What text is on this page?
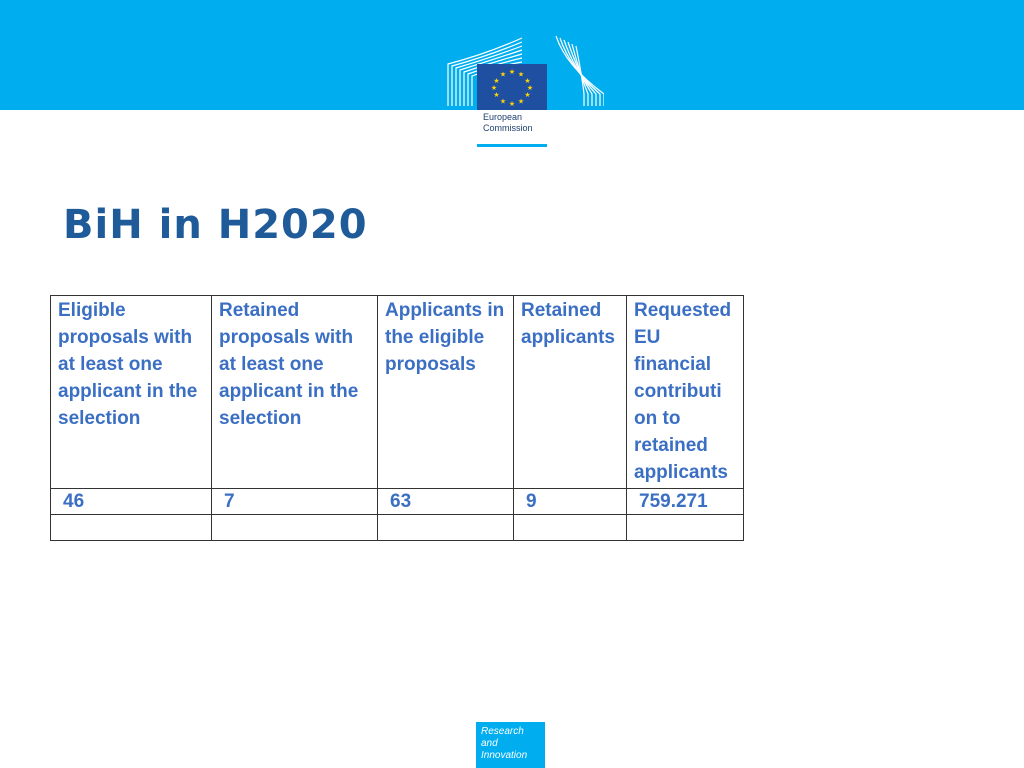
★ ★
★
★
★
★
★
★
★
★
★
★
European
Commission
BiH in H2020
Eligible proposals with at least one applicant in the selection	Retained proposals with at least one applicant in the selection	Applicants in the eligible proposals	Retained applicants	Requested EU financial contributi on to retained applicants
46	7	63	9	759.271

Research and
Innovation
